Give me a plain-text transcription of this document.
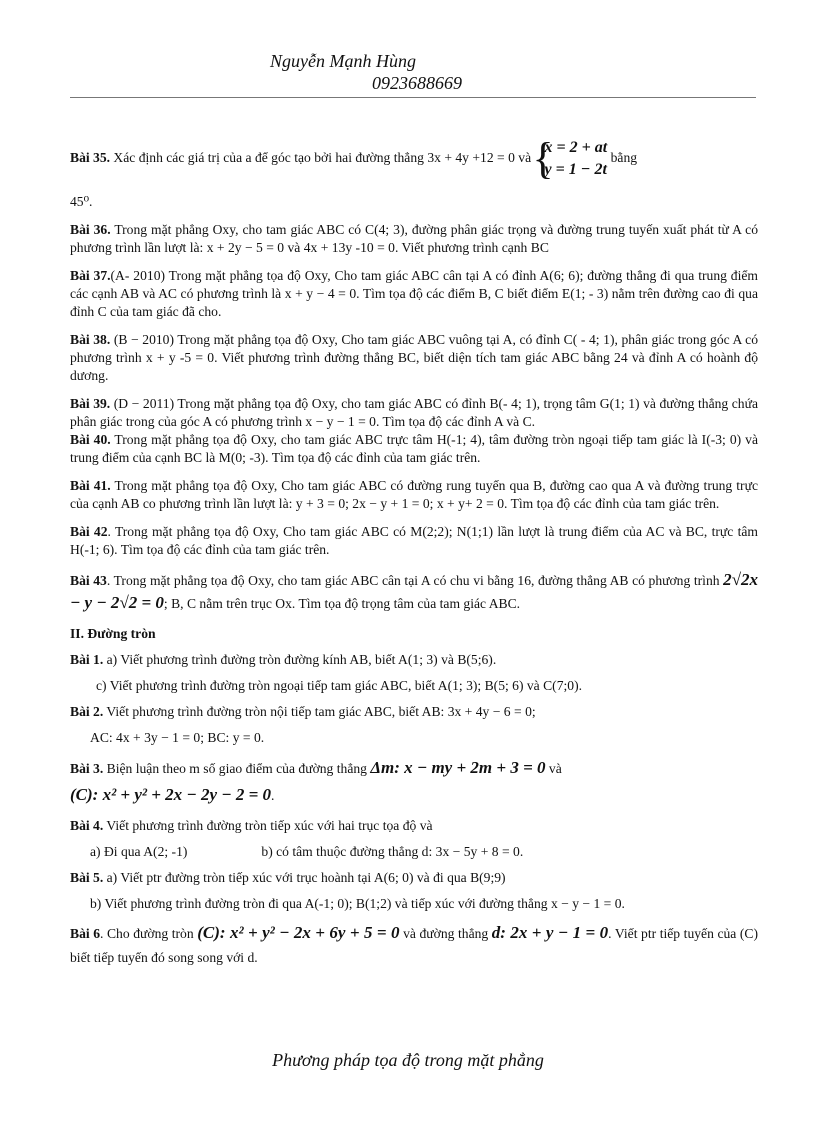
Nguyễn Mạnh Hùng
0923688669

Bài 35. Xác định các giá trị của a để góc tạo bởi hai đường thẳng 3x + 4y +12 = 0 và {
x = 2 + at
y = 1 − 2t bằng

45⁰.

Bài 36. Trong mặt phẳng Oxy, cho tam giác ABC có C(4; 3), đường phân giác trọng và đường trung tuyến xuất phát từ A có phương trình lần lượt là: x + 2y − 5 = 0 và 4x + 13y -10 = 0. Viết phương trình cạnh BC

Bài 37.(A- 2010) Trong mặt phẳng tọa độ Oxy, Cho tam giác ABC cân tại A có đỉnh A(6; 6); đường thẳng đi qua trung điểm các cạnh AB và AC có phương trình là x + y − 4 = 0. Tìm tọa độ các điểm B, C biết điểm E(1; - 3) nằm trên đường cao đi qua đỉnh C của tam giác đã cho.

Bài 38. (B − 2010) Trong mặt phẳng tọa độ Oxy, Cho tam giác ABC vuông tại A, có đỉnh C( - 4; 1), phân giác trong góc A có phương trình x + y -5 = 0. Viết phương trình đường thẳng BC, biết diện tích tam giác ABC bằng 24 và đỉnh A có hoành độ dương.

Bài 39. (D − 2011) Trong mặt phẳng tọa độ Oxy, cho tam giác ABC có đỉnh B(- 4; 1), trọng tâm G(1; 1) và đường thẳng chứa phân giác trong của góc A có phương trình x − y − 1 = 0. Tìm tọa độ các đỉnh A và C.

Bài 40. Trong mặt phẳng tọa độ Oxy, cho tam giác ABC trực tâm H(-1; 4), tâm đường tròn ngoại tiếp tam giác là I(-3; 0) và trung điểm của cạnh BC là M(0; -3). Tìm tọa độ các đỉnh của tam giác trên.

Bài 41. Trong mặt phẳng tọa độ Oxy, Cho tam giác ABC có đường rung tuyến qua B, đường cao qua A và đường trung trực của cạnh AB co phương trình lần lượt là: y + 3 = 0; 2x − y + 1 = 0; x + y+ 2 = 0. Tìm tọa độ các đỉnh của tam giác trên.

Bài 42. Trong mặt phẳng tọa độ Oxy, Cho tam giác ABC có M(2;2); N(1;1) lần lượt là trung điểm của AC và BC, trực tâm H(-1; 6). Tìm tọa độ các đỉnh của tam giác trên.

Bài 43. Trong mặt phẳng tọa độ Oxy, cho tam giác ABC cân tại A có chu vi bằng 16, đường thẳng AB có phương trình 2√2x − y − 2√2 = 0; B, C nằm trên trục Ox. Tìm tọa độ trọng tâm của tam giác ABC.

II. Đường tròn

Bài 1. a) Viết phương trình đường tròn đường kính AB, biết A(1; 3) và B(5;6).

c) Viết phương trình đường tròn ngoại tiếp tam giác ABC, biết A(1; 3); B(5; 6) và C(7;0).

Bài 2. Viết phương trình đường tròn nội tiếp tam giác ABC, biết AB: 3x + 4y − 6 = 0;

AC: 4x + 3y − 1 = 0; BC: y = 0.

Bài 3. Biện luận theo m số giao điểm của đường thẳng Δm: x − my + 2m + 3 = 0 và
(C): x² + y² + 2x − 2y − 2 = 0.

Bài 4. Viết phương trình đường tròn tiếp xúc với hai trục tọa độ và

a) Đi qua A(2; -1)	b) có tâm thuộc đường thẳng d: 3x − 5y + 8 = 0.

Bài 5. a) Viết ptr đường tròn tiếp xúc với trục hoành tại A(6; 0) và đi qua B(9;9)

b) Viết phương trình đường tròn đi qua A(-1; 0); B(1;2) và tiếp xúc với đường thẳng x − y − 1 = 0.

Bài 6. Cho đường tròn (C): x² + y² − 2x + 6y + 5 = 0 và đường thẳng d: 2x + y − 1 = 0. Viết ptr tiếp tuyến của (C) biết tiếp tuyến đó song song với d.

Phương pháp tọa độ trong mặt phẳng
